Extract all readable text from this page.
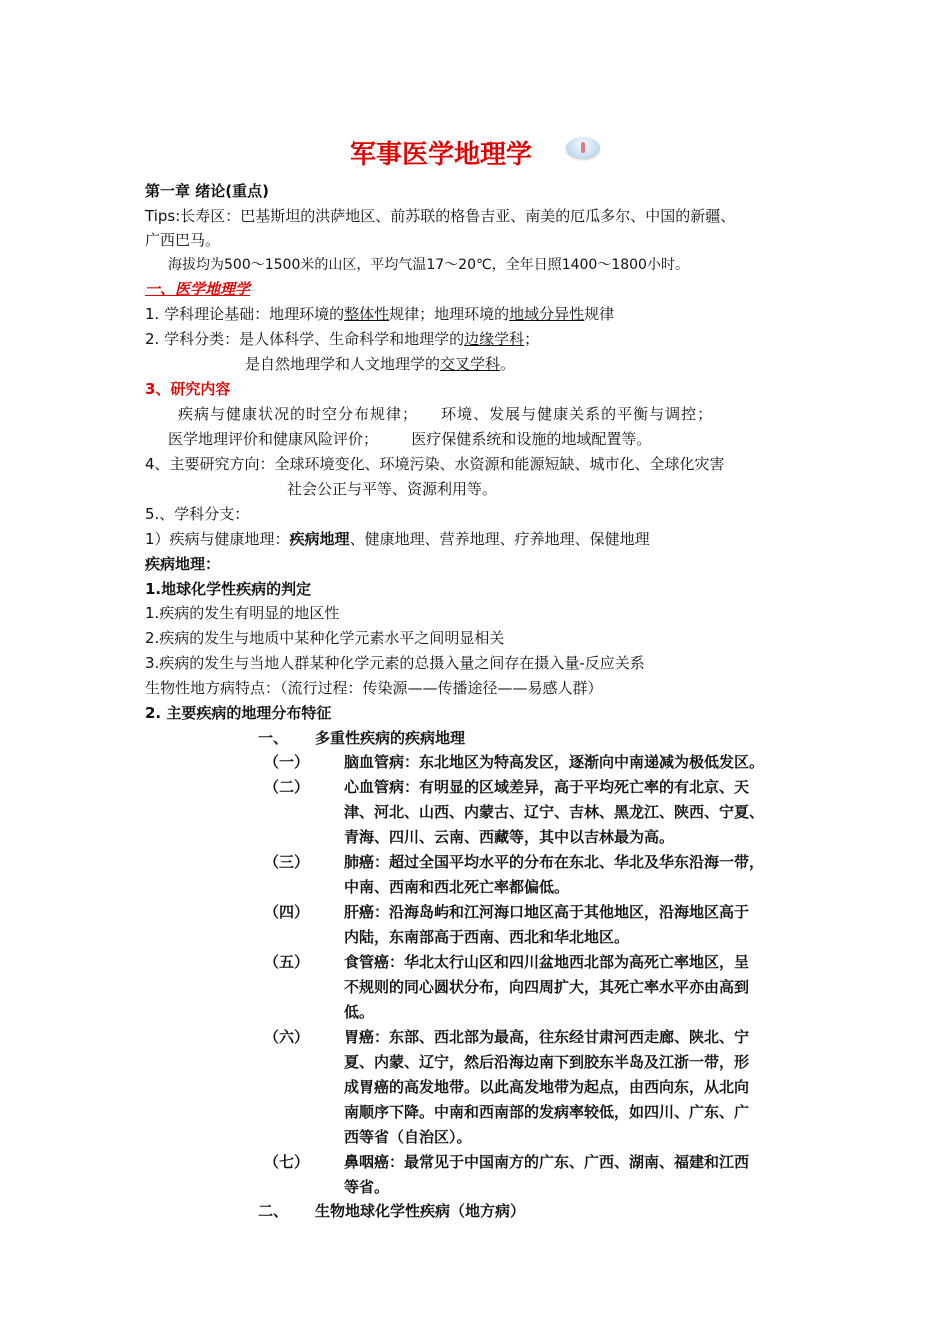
军事医学地理学
第一章 绪论(重点)
Tips:长寿区：巴基斯坦的洪萨地区、前苏联的格鲁吉亚、南美的厄瓜多尔、中国的新疆、
广西巴马。
海拔均为500～1500米的山区，平均气温17～20℃，全年日照1400～1800小时。
一、医学地理学
1. 学科理论基础：地理环境的整体性规律；地理环境的地域分异性规律
2. 学科分类：是人体科学、生命科学和地理学的边缘学科；
是自然地理学和人文地理学的交叉学科。
3、研究内容
疾病与健康状况的时空分布规律；    环境、发展与健康关系的平衡与调控；
医学地理评价和健康风险评价；       医疗保健系统和设施的地域配置等。
4、主要研究方向：全球环境变化、环境污染、水资源和能源短缺、城市化、全球化灾害
社会公正与平等、资源利用等。
5.、学科分支：
1）疾病与健康地理：疾病地理、健康地理、营养地理、疗养地理、保健地理
疾病地理：
1.地球化学性疾病的判定
1.疾病的发生有明显的地区性
2.疾病的发生与地质中某种化学元素水平之间明显相关
3.疾病的发生与当地人群某种化学元素的总摄入量之间存在摄入量-反应关系
生物性地方病特点：（流行过程：传染源——传播途径——易感人群）
2. 主要疾病的地理分布特征
一、 多重性疾病的疾病地理
（一） 脑血管病：东北地区为特高发区，逐渐向中南递减为极低发区。
（二） 心血管病：有明显的区域差异，高于平均死亡率的有北京、天
津、河北、山西、内蒙古、辽宁、吉林、黑龙江、陕西、宁夏、
青海、四川、云南、西藏等，其中以吉林最为高。
（三） 肺癌：超过全国平均水平的分布在东北、华北及华东沿海一带，
中南、西南和西北死亡率都偏低。
（四） 肝癌：沿海岛屿和江河海口地区高于其他地区，沿海地区高于
内陆，东南部高于西南、西北和华北地区。
（五） 食管癌：华北太行山区和四川盆地西北部为高死亡率地区，呈
不规则的同心圆状分布，向四周扩大，其死亡率水平亦由高到
低。
（六） 胃癌：东部、西北部为最高，往东经甘肃河西走廊、陕北、宁
夏、内蒙、辽宁，然后沿海边南下到胶东半岛及江浙一带，形
成胃癌的高发地带。以此高发地带为起点，由西向东，从北向
南顺序下降。中南和西南部的发病率较低，如四川、广东、广
西等省（自治区）。
（七） 鼻咽癌：最常见于中国南方的广东、广西、湖南、福建和江西
等省。
二、 生物地球化学性疾病（地方病）
